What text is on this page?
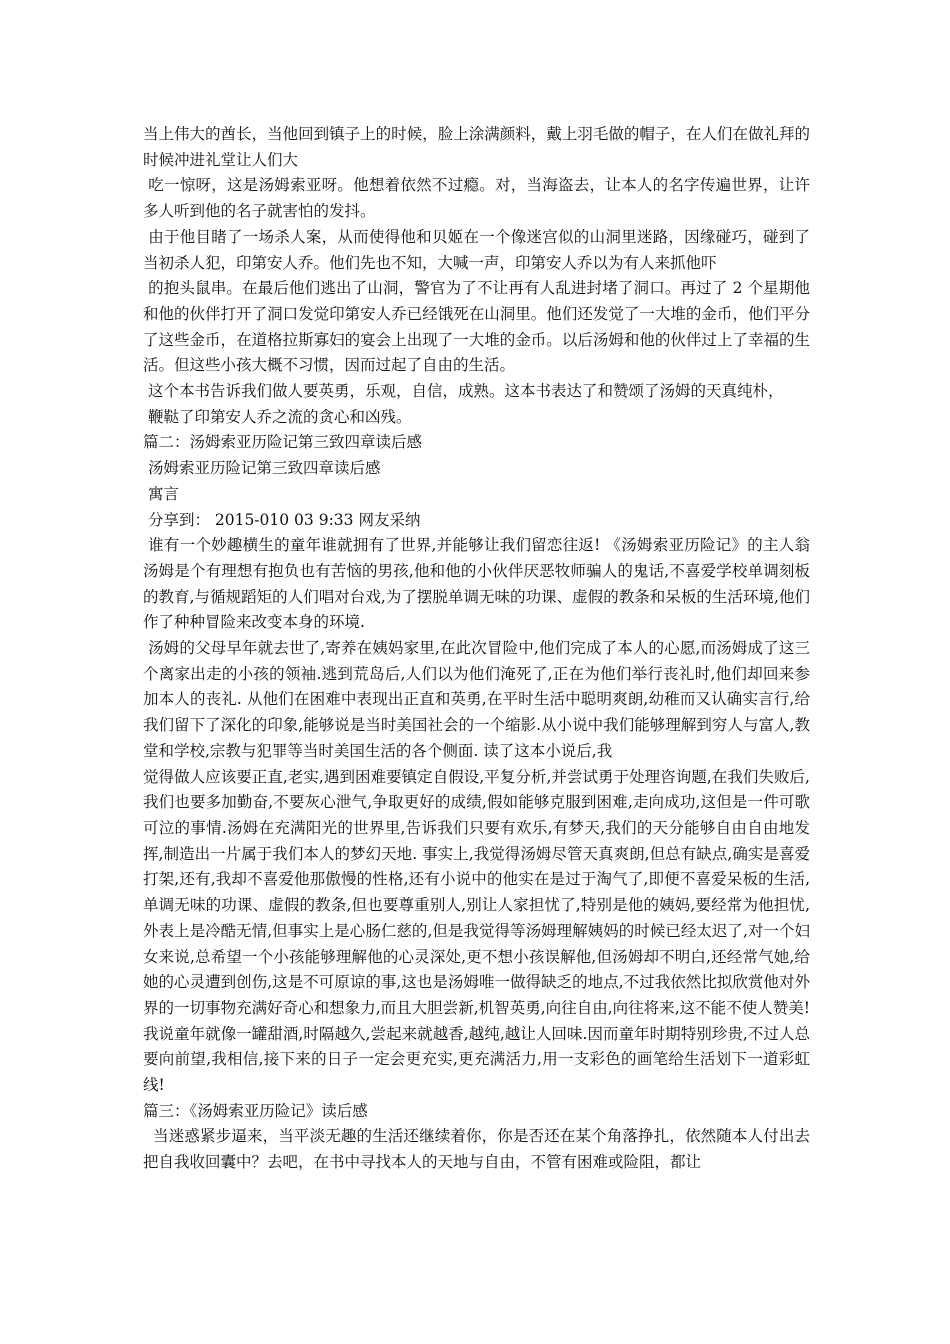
当上伟大的酋长，当他回到镇子上的时候，脸上涂满颜料，戴上羽毛做的帽子，在人们在做礼拜的时候冲进礼堂让人们大

吃一惊呀，这是汤姆索亚呀。他想着依然不过瘾。对，当海盗去，让本人的名字传遍世界，让许多人听到他的名子就害怕的发抖。

由于他目睹了一场杀人案，从而使得他和贝姬在一个像迷宫似的山洞里迷路，因缘碰巧，碰到了当初杀人犯，印第安人乔。他们先也不知，大喊一声，印第安人乔以为有人来抓他吓

的抱头鼠串。在最后他们逃出了山洞，警官为了不让再有人乱进封堵了洞口。再过了 2 个星期他和他的伙伴打开了洞口发觉印第安人乔已经饿死在山洞里。他们还发觉了一大堆的金币，他们平分了这些金币，在道格拉斯寡妇的宴会上出现了一大堆的金币。以后汤姆和他的伙伴过上了幸福的生活。但这些小孩大概不习惯，因而过起了自由的生活。

这个本书告诉我们做人要英勇，乐观，自信，成熟。这本书表达了和赞颂了汤姆的天真纯朴，

鞭鞑了印第安人乔之流的贪心和凶残。

篇二：汤姆索亚历险记第三致四章读后感

汤姆索亚历险记第三致四章读后感

寓言

分享到： 2015-010 03 9:33 网友采纳

谁有一个妙趣横生的童年谁就拥有了世界,并能够让我们留恋往返! 《汤姆索亚历险记》的主人翁汤姆是个有理想有抱负也有苦恼的男孩,他和他的小伙伴厌恶牧师骗人的鬼话,不喜爱学校单调刻板的教育,与循规蹈矩的人们唱对台戏,为了摆脱单调无味的功课、虚假的教条和呆板的生活环境,他们作了种种冒险来改变本身的环境.

汤姆的父母早年就去世了,寄养在姨妈家里,在此次冒险中,他们完成了本人的心愿,而汤姆成了这三个离家出走的小孩的领袖.逃到荒岛后,人们以为他们淹死了,正在为他们举行丧礼时,他们却回来参加本人的丧礼. 从他们在困难中表现出正直和英勇,在平时生活中聪明爽朗,幼稚而又认确实言行,给我们留下了深化的印象,能够说是当时美国社会的一个缩影.从小说中我们能够理解到穷人与富人,教堂和学校,宗教与犯罪等当时美国生活的各个侧面. 读了这本小说后,我

觉得做人应该要正直,老实,遇到困难要镇定自假设,平复分析,并尝试勇于处理咨询题,在我们失败后,我们也要多加勤奋,不要灰心泄气,争取更好的成绩,假如能够克服到困难,走向成功,这但是一件可歌可泣的事情.汤姆在充满阳光的世界里,告诉我们只要有欢乐,有梦天,我们的天分能够自由自由地发挥,制造出一片属于我们本人的梦幻天地. 事实上,我觉得汤姆尽管天真爽朗,但总有缺点,确实是喜爱打架,还有,我却不喜爱他那傲慢的性格,还有小说中的他实在是过于淘气了,即便不喜爱呆板的生活,单调无味的功课、虚假的教条,但也要尊重别人,别让人家担忧了,特别是他的姨妈,要经常为他担忧,外表上是冷酷无情,但事实上是心肠仁慈的,但是我觉得等汤姆理解姨妈的时候已经太迟了,对一个妇女来说,总希望一个小孩能够理解他的心灵深处,更不想小孩误解他,但汤姆却不明白,还经常气她,给她的心灵遭到创伤,这是不可原谅的事,这也是汤姆唯一做得缺乏的地点,不过我依然比拟欣赏他对外界的一切事物充满好奇心和想象力,而且大胆尝新,机智英勇,向往自由,向往将来,这不能不使人赞美! 我说童年就像一罐甜酒,时隔越久,尝起来就越香,越纯,越让人回味.因而童年时期特别珍贵,不过人总要向前望,我相信,接下来的日子一定会更充实,更充满活力,用一支彩色的画笔给生活划下一道彩虹线!

篇三：《汤姆索亚历险记》读后感

当迷惑紧步逼来，当平淡无趣的生活还继续着你，你是否还在某个角落挣扎，依然随本人付出去把自我收回囊中？去吧，在书中寻找本人的天地与自由，不管有困难或险阻，都让
